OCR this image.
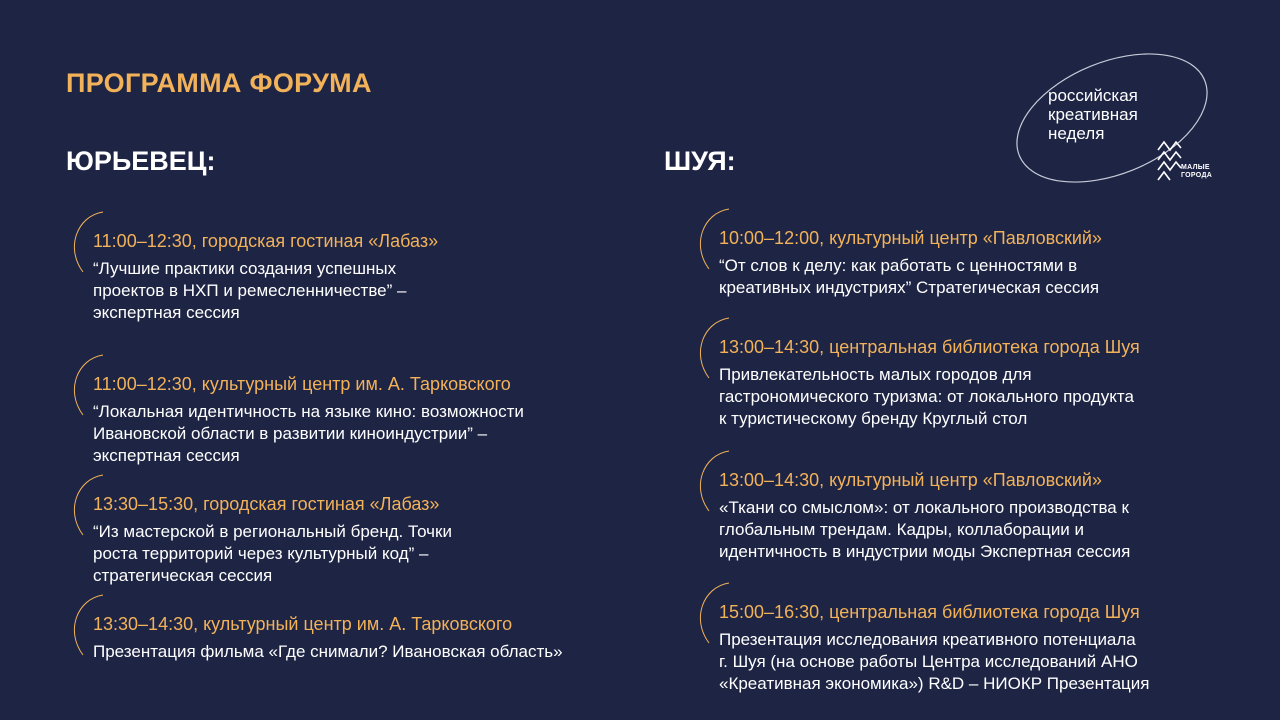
ПРОГРАММА ФОРУМА
ЮРЬЕВЕЦ:	ШУЯ:
11:00–12:30, городская гостиная «Лабаз»
“Лучшие практики создания успешных
проектов в НХП и ремесленничестве” –
экспертная сессия
11:00–12:30, культурный центр им. А. Тарковского
“Локальная идентичность на языке кино: возможности
Ивановской области в развитии киноиндустрии” –
экспертная сессия
13:30–15:30, городская гостиная «Лабаз»
“Из мастерской в региональный бренд. Точки
роста территорий через культурный код” –
стратегическая сессия
13:30–14:30, культурный центр им. А. Тарковского
Презентация фильма «Где снимали? Ивановская область»
10:00–12:00, культурный центр «Павловский»
“От слов к делу: как работать с ценностями в
креативных индустриях” Стратегическая сессия
13:00–14:30, центральная библиотека города Шуя
Привлекательность малых городов для
гастрономического туризма: от локального продукта
к туристическому бренду Круглый стол
13:00–14:30, культурный центр «Павловский»
«Ткани со смыслом»: от локального производства к
глобальным трендам. Кадры, коллаборации и
идентичность в индустрии моды Экспертная сессия
15:00–16:30, центральная библиотека города Шуя
Презентация исследования креативного потенциала
г. Шуя (на основе работы Центра исследований АНО
«Креативная экономика») R&D – НИОКР Презентация
российская
креативная
неделя
МАЛЫЕ
ГОРОДА
